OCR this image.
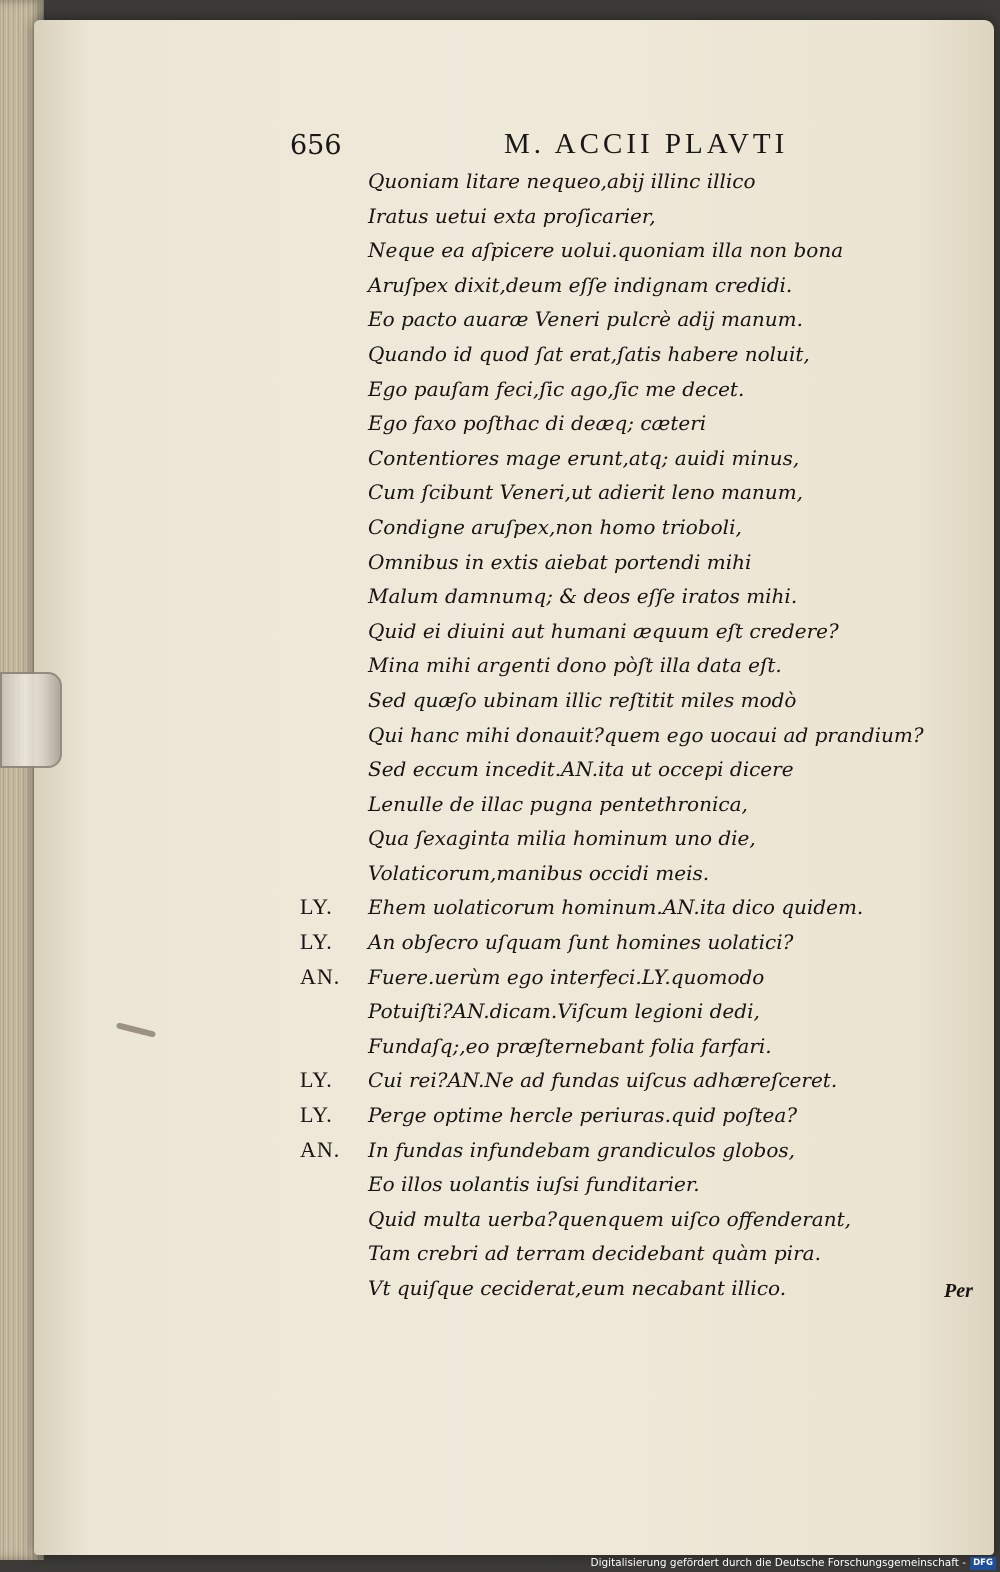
656	M. ACCII PLAVTI
Quoniam litare nequeo,abij illinc illico
Iratus uetui exta proſicarier,
Neque ea aſpicere uolui.quoniam illa non bona
Aruſpex dixit,deum eſſe indignam credidi.
Eo pacto auaræ Veneri pulcrè adij manum.
Quando id quod ſat erat,ſatis habere noluit,
Ego pauſam feci,ſic ago,ſic me decet.
Ego faxo poſthac di deæq; cæteri
Contentiores mage erunt,atq; auidi minus,
Cum ſcibunt Veneri,ut adierit leno manum,
Condigne aruſpex,non homo trioboli,
Omnibus in extis aiebat portendi mihi
Malum damnumq; & deos eſſe iratos mihi.
Quid ei diuini aut humani æquum eſt credere?
Mina mihi argenti dono pòſt illa data eſt.
Sed quæſo ubinam illic reſtitit miles modò
Qui hanc mihi donauit?quem ego uocaui ad prandium?
Sed eccum incedit.AN.ita ut occepi dicere
Lenulle de illac pugna pentethronica,
Qua ſexaginta milia hominum uno die,
Volaticorum,manibus occidi meis.
LY. Ehem uolaticorum hominum.AN.ita dico quidem.
LY. An obſecro uſquam ſunt homines uolatici?
AN. Fuere.uerùm ego interfeci.LY.quomodo
Potuiſti?AN.dicam.Viſcum legioni dedi,
Fundaſq;,eo præſternebant folia farfari.
LY. Cui rei?AN.Ne ad fundas uiſcus adhæreſceret.
LY. Perge optime hercle periuras.quid poſtea?
AN. In fundas infundebam grandiculos globos,
Eo illos uolantis iuſsi funditarier.
Quid multa uerba?quenquem uiſco offenderant,
Tam crebri ad terram decidebant quàm pira.
Vt quiſque ceciderat,eum necabant illico.	Per
Digitalisierung gefördert durch die Deutsche Forschungsgemeinschaft - DFG
